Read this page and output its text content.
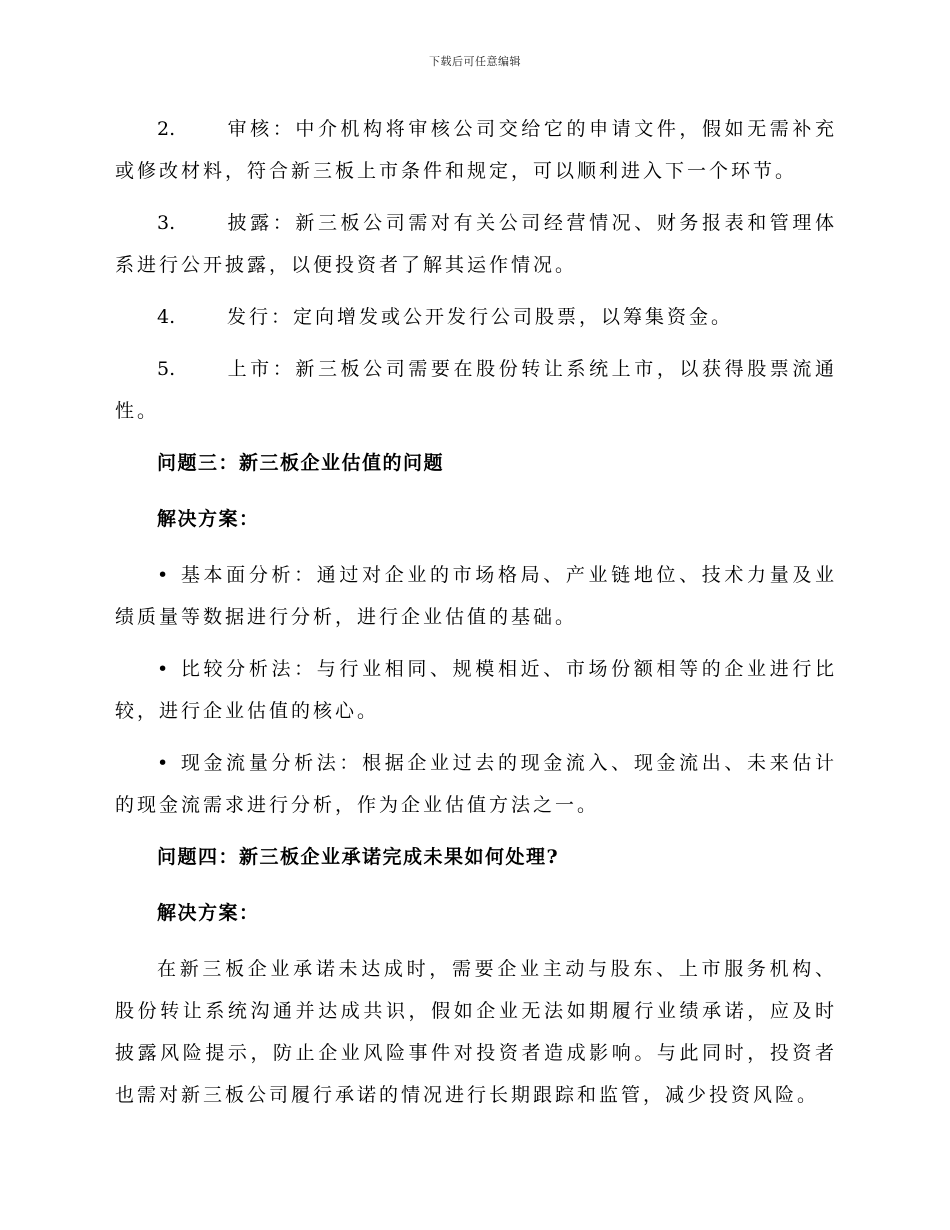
下载后可任意编辑
2.	审核：中介机构将审核公司交给它的申请文件，假如无需补充或修改材料，符合新三板上市条件和规定，可以顺利进入下一个环节。
3.	披露：新三板公司需对有关公司经营情况、财务报表和管理体系进行公开披露，以便投资者了解其运作情况。
4.	发行：定向增发或公开发行公司股票，以筹集资金。
5.	上市：新三板公司需要在股份转让系统上市，以获得股票流通性。
问题三：新三板企业估值的问题
解决方案：
• 基本面分析：通过对企业的市场格局、产业链地位、技术力量及业绩质量等数据进行分析，进行企业估值的基础。
• 比较分析法：与行业相同、规模相近、市场份额相等的企业进行比较，进行企业估值的核心。
• 现金流量分析法：根据企业过去的现金流入、现金流出、未来估计的现金流需求进行分析，作为企业估值方法之一。
问题四：新三板企业承诺完成未果如何处理?
解决方案：
在新三板企业承诺未达成时，需要企业主动与股东、上市服务机构、股份转让系统沟通并达成共识，假如企业无法如期履行业绩承诺，应及时披露风险提示，防止企业风险事件对投资者造成影响。与此同时，投资者也需对新三板公司履行承诺的情况进行长期跟踪和监管，减少投资风险。
